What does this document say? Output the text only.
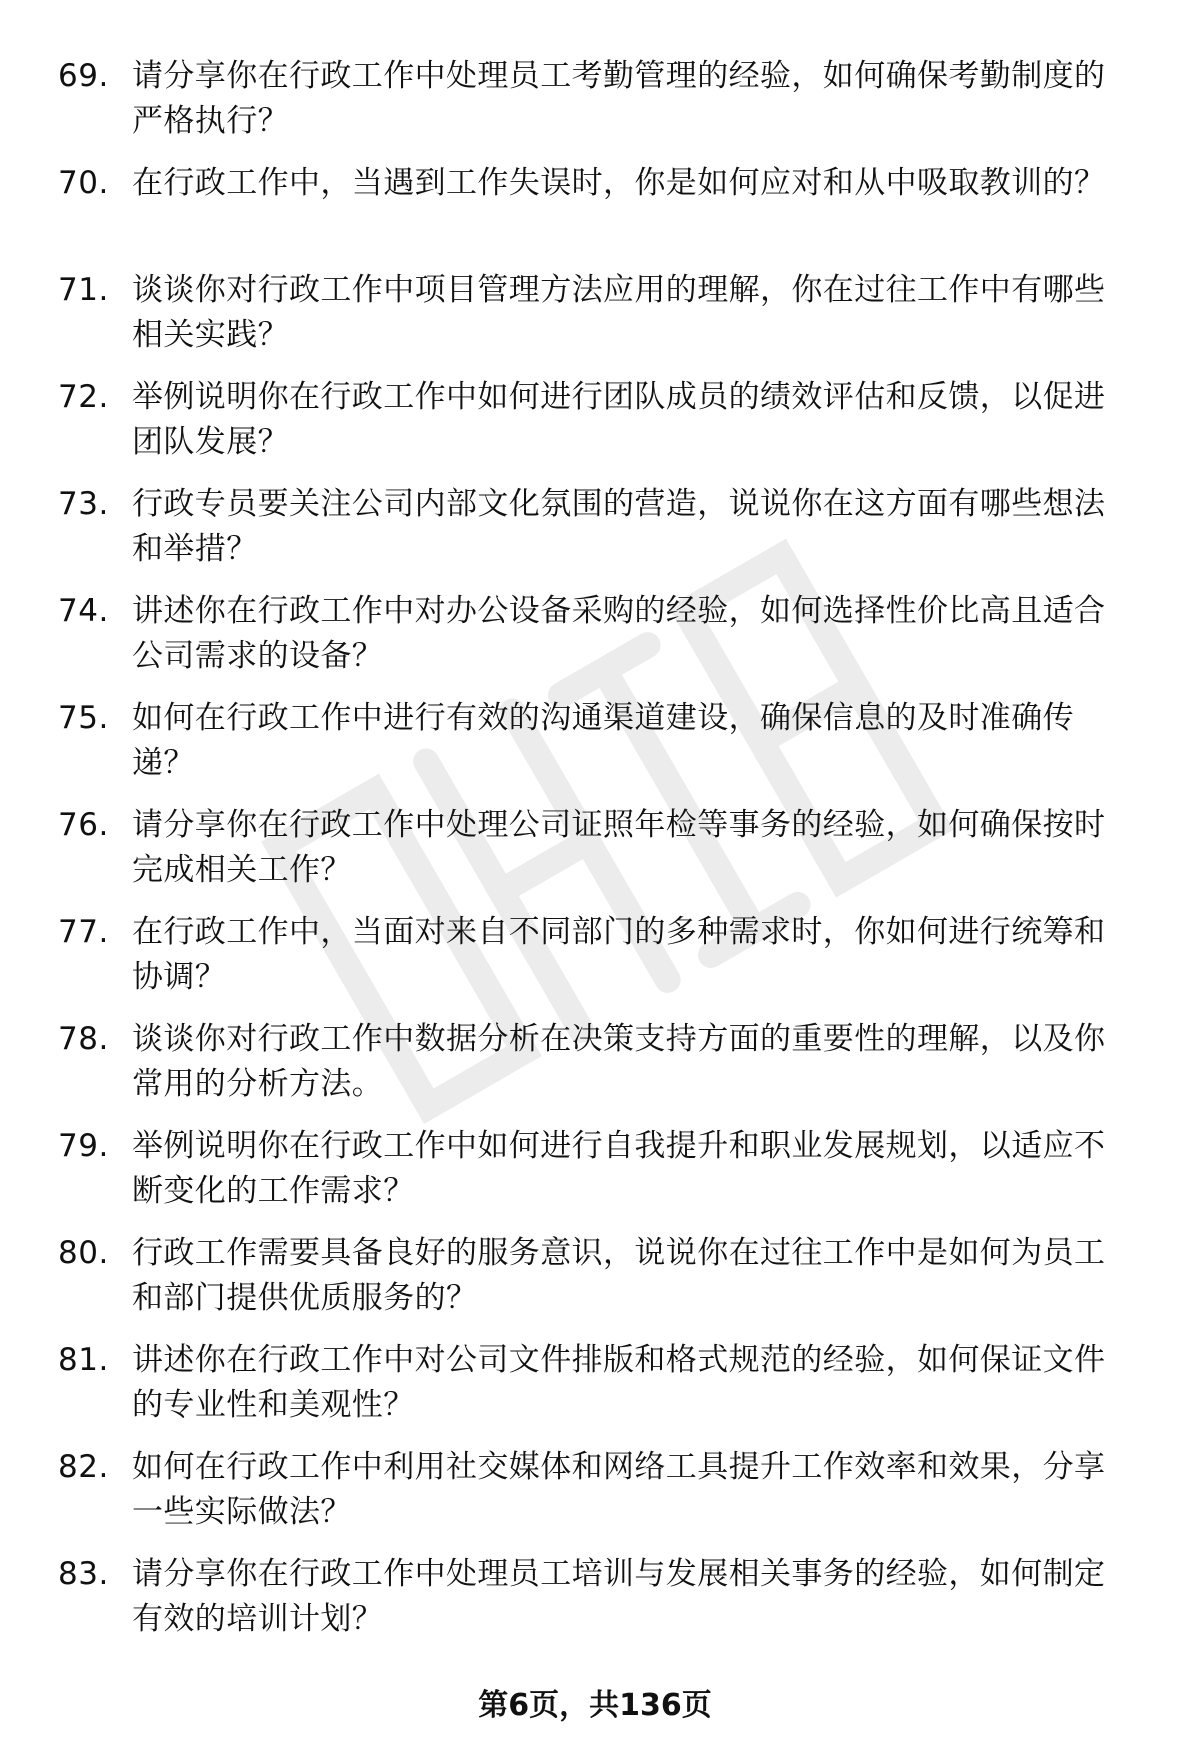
69. 请分享你在行政工作中处理员工考勤管理的经验，如何确保考勤制度的严格执行？
70. 在行政工作中，当遇到工作失误时，你是如何应对和从中吸取教训的？
71. 谈谈你对行政工作中项目管理方法应用的理解，你在过往工作中有哪些相关实践？
72. 举例说明你在行政工作中如何进行团队成员的绩效评估和反馈，以促进团队发展？
73. 行政专员要关注公司内部文化氛围的营造，说说你在这方面有哪些想法和举措？
74. 讲述你在行政工作中对办公设备采购的经验，如何选择性价比高且适合公司需求的设备？
75. 如何在行政工作中进行有效的沟通渠道建设，确保信息的及时准确传递？
76. 请分享你在行政工作中处理公司证照年检等事务的经验，如何确保按时完成相关工作？
77. 在行政工作中，当面对来自不同部门的多种需求时，你如何进行统筹和协调？
78. 谈谈你对行政工作中数据分析在决策支持方面的重要性的理解，以及你常用的分析方法。
79. 举例说明你在行政工作中如何进行自我提升和职业发展规划，以适应不断变化的工作需求？
80. 行政工作需要具备良好的服务意识，说说你在过往工作中是如何为员工和部门提供优质服务的？
81. 讲述你在行政工作中对公司文件排版和格式规范的经验，如何保证文件的专业性和美观性？
82. 如何在行政工作中利用社交媒体和网络工具提升工作效率和效果，分享一些实际做法？
83. 请分享你在行政工作中处理员工培训与发展相关事务的经验，如何制定有效的培训计划？
第6页，共136页
